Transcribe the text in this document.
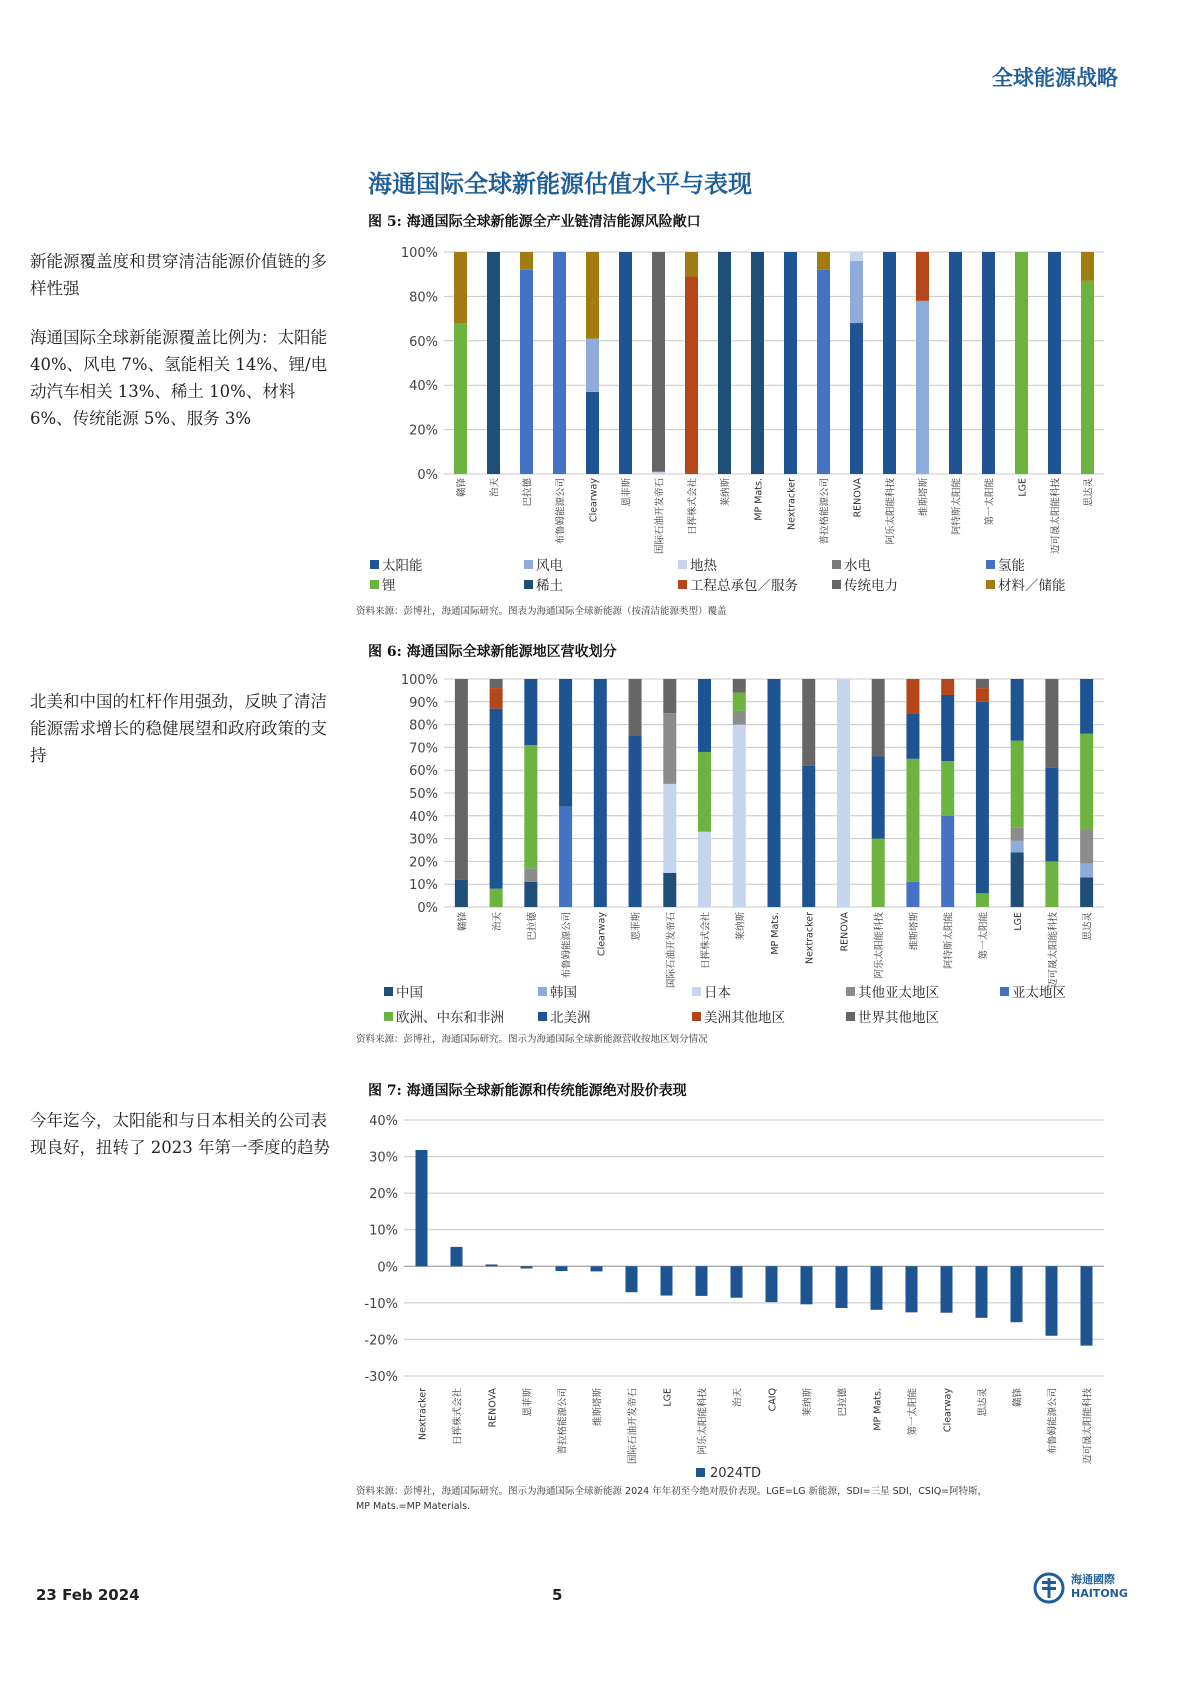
全球能源战略
海通国际全球新能源估值水平与表现
新能源覆盖度和贯穿清洁能源价值链的多样性强
海通国际全球新能源覆盖比例为：太阳能 40%、风电 7%、氢能相关 14%、锂/电动汽车相关 13%、稀土 10%、材料 6%、传统能源 5%、服务 3%
北美和中国的杠杆作用强劲，反映了清洁能源需求增长的稳健展望和政府政策的支持
今年迄今，太阳能和与日本相关的公司表现良好，扭转了 2023 年第一季度的趋势
图 5: 海通国际全球新能源全产业链清洁能源风险敞口
图 6: 海通国际全球新能源地区营收划分
图 7: 海通国际全球新能源和传统能源绝对股价表现
资料来源：彭博社，海通国际研究。图表为海通国际全球新能源（按清洁能源类型）覆盖
资料来源：彭博社，海通国际研究。图示为海通国际全球新能源营收按地区划分情况
资料来源：彭博社，海通国际研究。图示为海通国际全球新能源 2024 年年初至今绝对股价表现。LGE=LG 新能源，SDI=三星 SDI，CSIQ=阿特斯，
MP Mats.=MP Materials.
0%
20%
40%
60%
80%
100%
赣锋 治天 巴拉德 布鲁姆能源公司 Clearway 恩菲斯 国际石油开发帝石 日挥株式会社 莱纳斯 MP Mats. Nextracker 普拉格能源公司 RENOVA 阿乐太阳能科技 维斯塔斯 阿特斯太阳能 第一太阳能 LGE 迈可晟太阳能科技 思达灵
太阳能	风电	地热	水电	氢能
锂	稀土	工程总承包／服务	传统电力	材料／储能
0%
10%
20%
30%
40%
50%
60%
70%
80%
90%
100%
赣锋 治天 巴拉德 布鲁姆能源公司 Clearway 恩菲斯 国际石油开发帝石 日挥株式会社 莱纳斯 MP Mats. Nextracker RENOVA 阿乐太阳能科技 维斯塔斯 阿特斯太阳能 第一太阳能 LGE 迈可晟太阳能科技 思达灵
中国	韩国	日本	其他亚太地区	亚太地区
欧洲、中东和非洲	北美洲	美洲其他地区	世界其他地区
-30%
-20%
-10%
0%
10%
20%
30%
40%
Nextracker	日挥株式会社	RENOVA	恩菲斯	普拉格能源公司	维斯塔斯	国际石油开发帝石	LGE	阿乐太阳能科技	治天	CAIQ	莱纳斯	巴拉德	MP Mats.	第一太阳能	Clearway	思达灵	赣锋	布鲁姆能源公司	迈可晟太阳能科技
2024TD
23 Feb 2024	5
海通國際
HAITONG
